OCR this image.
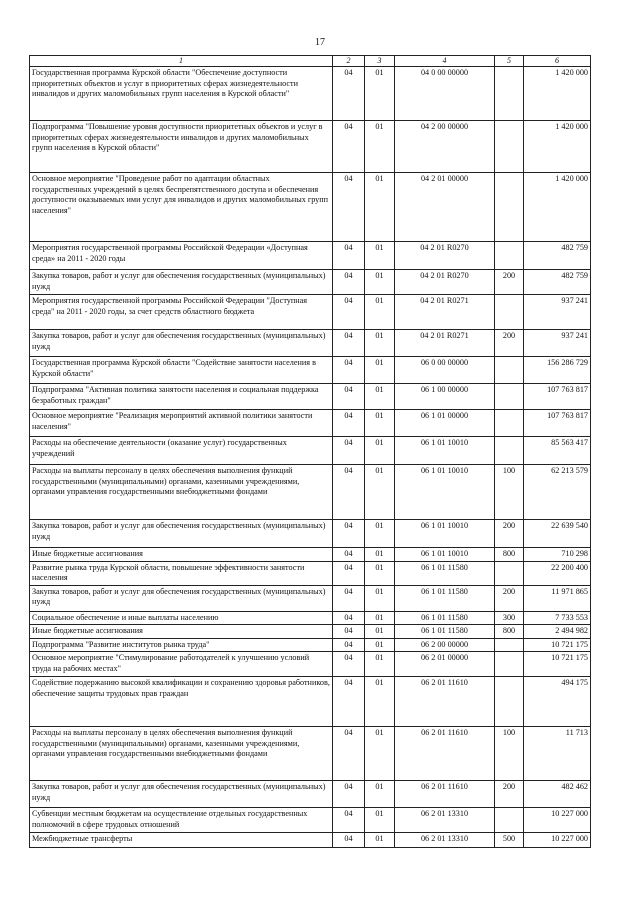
17
1	2	3	4	5	6
Государственная программа Курской области "Обеспечение доступности приоритетных объектов и услуг в приоритетных сферах жизнедеятельности инвалидов и других маломобильных групп населения в Курской области"	04	01	04 0 00 00000		1 420 000
Подпрограмма "Повышение уровня доступности приоритетных объектов и услуг в приоритетных сферах жизнедеятельности инвалидов и других маломобильных групп населения в Курской области"	04	01	04 2 00 00000		1 420 000
Основное мероприятие "Проведение работ по адаптации областных государственных учреждений в целях беспрепятственного доступа и обеспечения доступности оказываемых ими услуг для инвалидов и других маломобильных групп населения"	04	01	04 2 01 00000		1 420 000
Мероприятия государственной программы Российской Федерации «Доступная среда» на 2011 - 2020 годы	04	01	04 2 01 R0270		482 759
Закупка товаров, работ и услуг для обеспечения государственных (муниципальных) нужд	04	01	04 2 01 R0270	200	482 759
Мероприятия государственной программы Российской Федерации "Доступная среда" на 2011 - 2020 годы, за счет средств областного бюджета	04	01	04 2 01 R0271		937 241
Закупка товаров, работ и услуг для обеспечения государственных (муниципальных) нужд	04	01	04 2 01 R0271	200	937 241
Государственная программа Курской области "Содействие занятости населения в Курской области"	04	01	06 0 00 00000		156 286 729
Подпрограмма "Активная политика занятости населения и социальная поддержка безработных граждан"	04	01	06 1 00 00000		107 763 817
Основное мероприятие "Реализация мероприятий активной политики занятости населения"	04	01	06 1 01 00000		107 763 817
Расходы на обеспечение деятельности (оказание услуг) государственных учреждений	04	01	06 1 01 10010		85 563 417
Расходы на выплаты персоналу в целях обеспечения выполнения функций государственными (муниципальными) органами, казенными учреждениями, органами управления государственными внебюджетными фондами	04	01	06 1 01 10010	100	62 213 579
Закупка товаров, работ и услуг для обеспечения государственных (муниципальных) нужд	04	01	06 1 01 10010	200	22 639 540
Иные бюджетные ассигнования	04	01	06 1 01 10010	800	710 298
Развитие рынка труда Курской области, повышение эффективности занятости населения	04	01	06 1 01 11580		22 200 400
Закупка товаров, работ и услуг для обеспечения государственных (муниципальных) нужд	04	01	06 1 01 11580	200	11 971 865
Социальное обеспечение и иные выплаты населению	04	01	06 1 01 11580	300	7 733 553
Иные бюджетные ассигнования	04	01	06 1 01 11580	800	2 494 982
Подпрограмма "Развитие институтов рынка труда"	04	01	06 2 00 00000		10 721 175
Основное мероприятие "Стимулирование работодателей к улучшению условий труда на рабочих местах"	04	01	06 2 01 00000		10 721 175
Содействие подержанию высокой квалификации и сохранению здоровья работников, обеспечение защиты трудовых прав граждан	04	01	06 2 01 11610		494 175
Расходы на выплаты персоналу в целях обеспечения выполнения функций государственными (муниципальными) органами, казенными учреждениями, органами управления государственными внебюджетными фондами	04	01	06 2 01 11610	100	11 713
Закупка товаров, работ и услуг для обеспечения государственных (муниципальных) нужд	04	01	06 2 01 11610	200	482 462
Субвенции местным бюджетам на осуществление отдельных государственных полномочий в сфере трудовых отношений	04	01	06 2 01 13310		10 227 000
Межбюджетные трансферты	04	01	06 2 01 13310	500	10 227 000
